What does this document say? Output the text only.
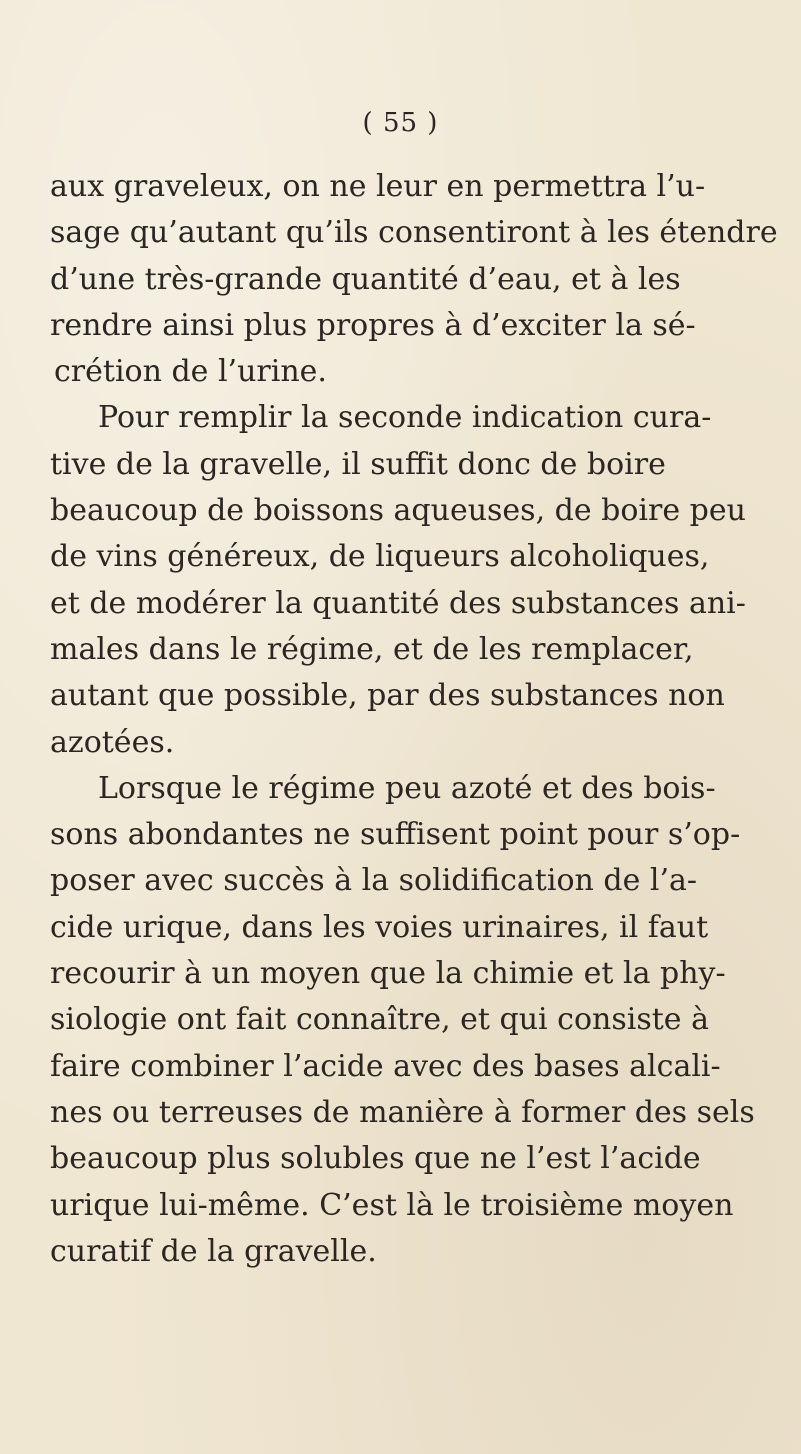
( 55 )
aux graveleux, on ne leur en permettra l’u-
sage qu’autant qu’ils consentiront à les étendre
d’une très-grande quantité d’eau, et à les
rendre ainsi plus propres à d’exciter la sé-
crétion de l’urine.
Pour remplir la seconde indication cura-
tive de la gravelle, il suffit donc de boire
beaucoup de boissons aqueuses, de boire peu
de vins généreux, de liqueurs alcoholiques,
et de modérer la quantité des substances ani-
males dans le régime, et de les remplacer,
autant que possible, par des substances non
azotées.
Lorsque le régime peu azoté et des bois-
sons abondantes ne suffisent point pour s’op-
poser avec succès à la solidification de l’a-
cide urique, dans les voies urinaires, il faut
recourir à un moyen que la chimie et la phy-
siologie ont fait connaître, et qui consiste à
faire combiner l’acide avec des bases alcali-
nes ou terreuses de manière à former des sels
beaucoup plus solubles que ne l’est l’acide
urique lui-même. C’est là le troisième moyen
curatif de la gravelle.
